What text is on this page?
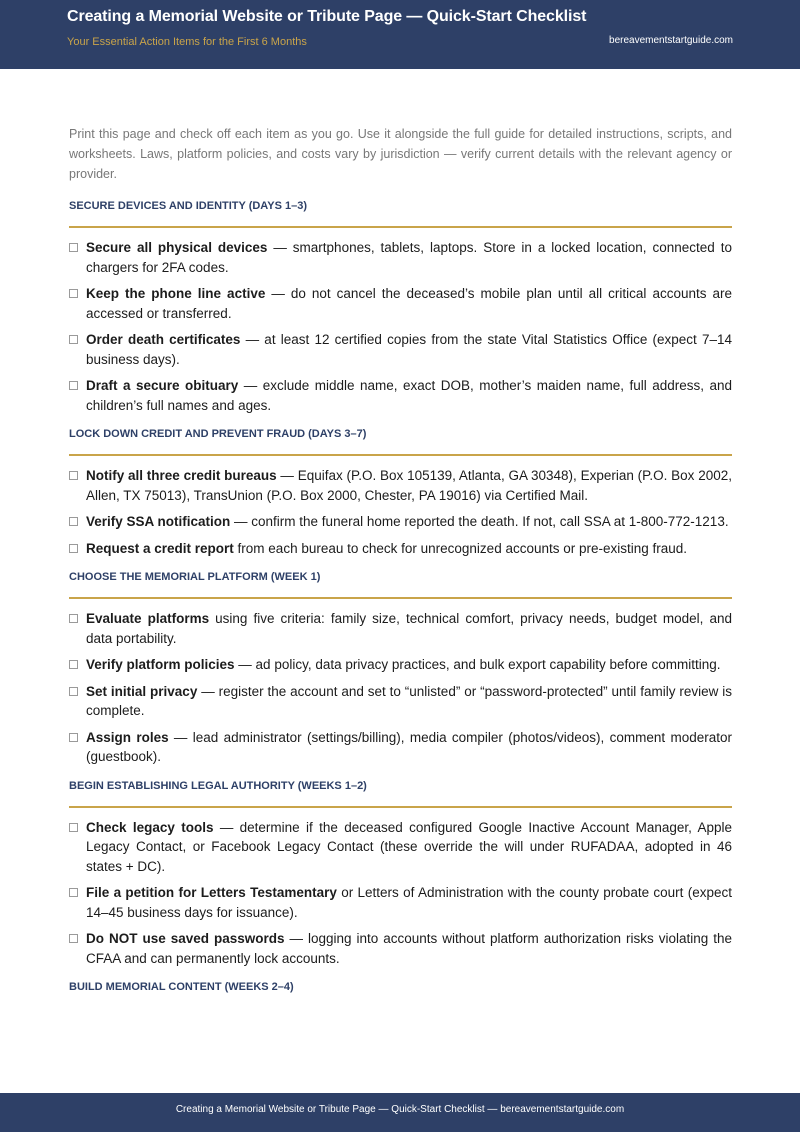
Creating a Memorial Website or Tribute Page — Quick-Start Checklist
Your Essential Action Items for the First 6 Months	bereavementstartguide.com
Print this page and check off each item as you go. Use it alongside the full guide for detailed instructions, scripts, and worksheets. Laws, platform policies, and costs vary by jurisdiction — verify current details with the relevant agency or provider.
SECURE DEVICES AND IDENTITY (DAYS 1–3)
Secure all physical devices — smartphones, tablets, laptops. Store in a locked location, connected to chargers for 2FA codes.
Keep the phone line active — do not cancel the deceased’s mobile plan until all critical accounts are accessed or transferred.
Order death certificates — at least 12 certified copies from the state Vital Statistics Office (expect 7–14 business days).
Draft a secure obituary — exclude middle name, exact DOB, mother’s maiden name, full address, and children’s full names and ages.
LOCK DOWN CREDIT AND PREVENT FRAUD (DAYS 3–7)
Notify all three credit bureaus — Equifax (P.O. Box 105139, Atlanta, GA 30348), Experian (P.O. Box 2002, Allen, TX 75013), TransUnion (P.O. Box 2000, Chester, PA 19016) via Certified Mail.
Verify SSA notification — confirm the funeral home reported the death. If not, call SSA at 1-800-772-1213.
Request a credit report from each bureau to check for unrecognized accounts or pre-existing fraud.
CHOOSE THE MEMORIAL PLATFORM (WEEK 1)
Evaluate platforms using five criteria: family size, technical comfort, privacy needs, budget model, and data portability.
Verify platform policies — ad policy, data privacy practices, and bulk export capability before committing.
Set initial privacy — register the account and set to “unlisted” or “password-protected” until family review is complete.
Assign roles — lead administrator (settings/billing), media compiler (photos/videos), comment moderator (guestbook).
BEGIN ESTABLISHING LEGAL AUTHORITY (WEEKS 1–2)
Check legacy tools — determine if the deceased configured Google Inactive Account Manager, Apple Legacy Contact, or Facebook Legacy Contact (these override the will under RUFADAA, adopted in 46 states + DC).
File a petition for Letters Testamentary or Letters of Administration with the county probate court (expect 14–45 business days for issuance).
Do NOT use saved passwords — logging into accounts without platform authorization risks violating the CFAA and can permanently lock accounts.
BUILD MEMORIAL CONTENT (WEEKS 2–4)
Creating a Memorial Website or Tribute Page — Quick-Start Checklist — bereavementstartguide.com
